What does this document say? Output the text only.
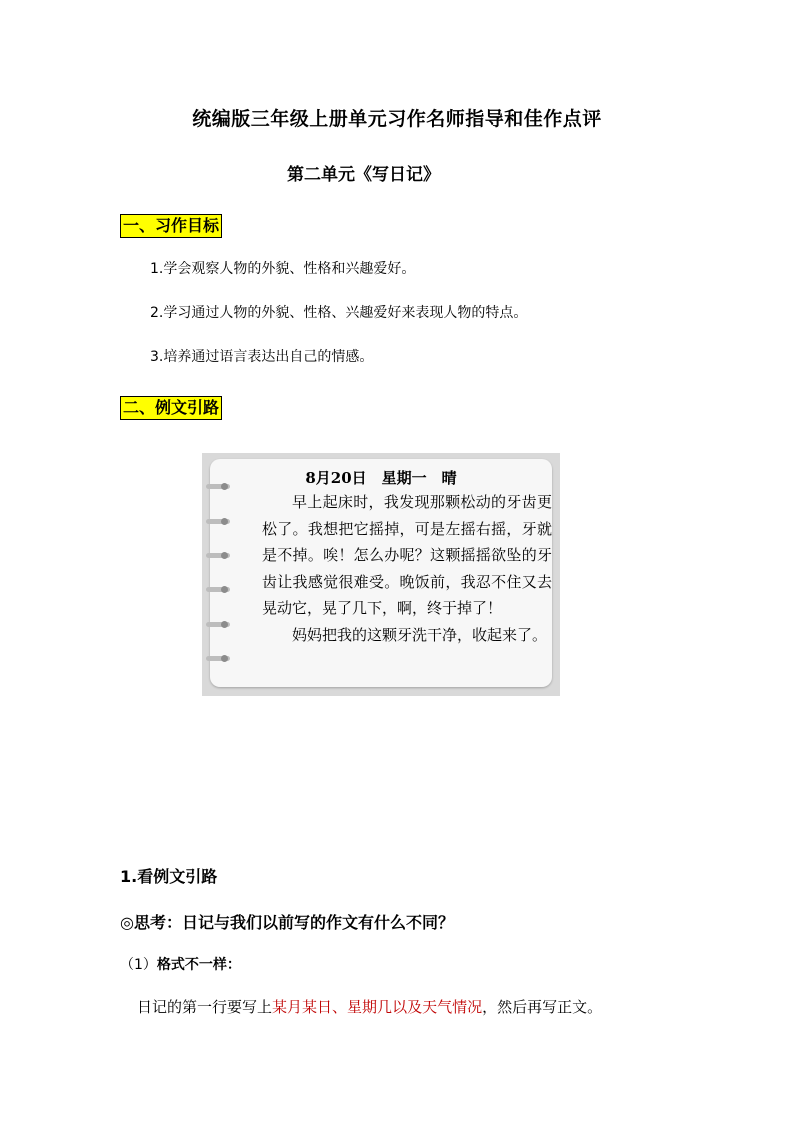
统编版三年级上册单元习作名师指导和佳作点评
第二单元《写日记》
一、习作目标
1.学会观察人物的外貌、性格和兴趣爱好。
2.学习通过人物的外貌、性格、兴趣爱好来表现人物的特点。
3.培养通过语言表达出自己的情感。
二、例文引路
8月20日　星期一　晴

早上起床时，我发现那颗松动的牙齿更松了。我想把它摇掉，可是左摇右摇，牙就是不掉。唉！怎么办呢？这颗摇摇欲坠的牙齿让我感觉很难受。晚饭前，我忍不住又去晃动它，晃了几下，啊，终于掉了！

妈妈把我的这颗牙洗干净，收起来了。

1.看例文引路
◎思考：日记与我们以前写的作文有什么不同？
（1）格式不一样：
日记的第一行要写上某月某日、星期几以及天气情况，然后再写正文。
